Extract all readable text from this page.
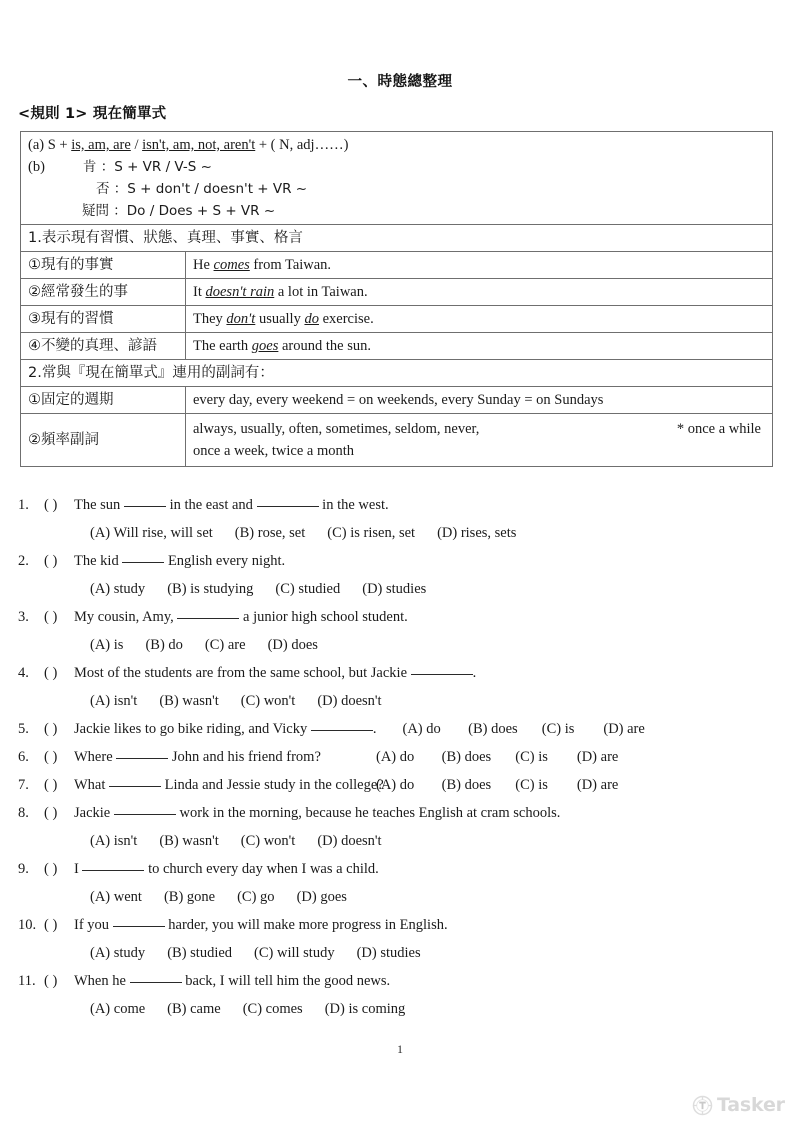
一、時態總整理
<規則 1> 現在簡單式
(a) S + is, am, are / isn't, am, not, aren't + ( N, adj……)
(b) 肯 ：S + VR / V-S ~
否 ：S + don't / doesn't + VR ~
疑問 ：Do / Does + S + VR ~	

1.表示現有習慣、狀態、真理、事實、格言	
①現有的事實	He comes from Taiwan.
②經常發生的事	It doesn't rain a lot in Taiwan.
③現有的習慣	They don't usually do exercise.
④不變的真理、諺語	The earth goes around the sun.
2.常與『現在簡單式』連用的副詞有：	
①固定的週期	every day, every weekend = on weekends, every Sunday = on Sundays
②頻率副詞	always, usually, often, sometimes, seldom, never, * once a while
once a week, twice a month
1.	( )	The sun	in the east and	in the west.
(A) Will rise, will set (B) rose, set (C) is risen, set (D) rises, sets
2.	( )	The kid	English every night.
(A) study (B) is studying (C) studied (D) studies
3.	( )	My cousin, Amy,	a junior high school student.
(A) is (B) do (C) are (D) does
4.	( )	Most of the students are from the same school, but Jackie	.
(A) isn't (B) wasn't (C) won't (D) doesn't
5.	( )	Jackie likes to go bike riding, and Vicky	. (A) do (B) does (C) is (D) are
6.	( )	Where	John and his friend from?	(A) do (B) does (C) is (D) are
7.	( )	What	Linda and Jessie study in the college?
(A) do (B) does (C) is (D) are
8.	( )	Jackie	work in the morning, because he teaches English at cram schools.
(A) isn't (B) wasn't (C) won't (D) doesn't
9.	( )	I	to church every day when I was a child.
(A) went (B) gone (C) go (D) goes
10. ( )	If you	harder, you will make more progress in English.
(A) study (B) studied (C) will study (D) studies
11. ( )	When he	back, I will tell him the good news.
(A) come (B) came (C) comes (D) is coming
1
Tasker
